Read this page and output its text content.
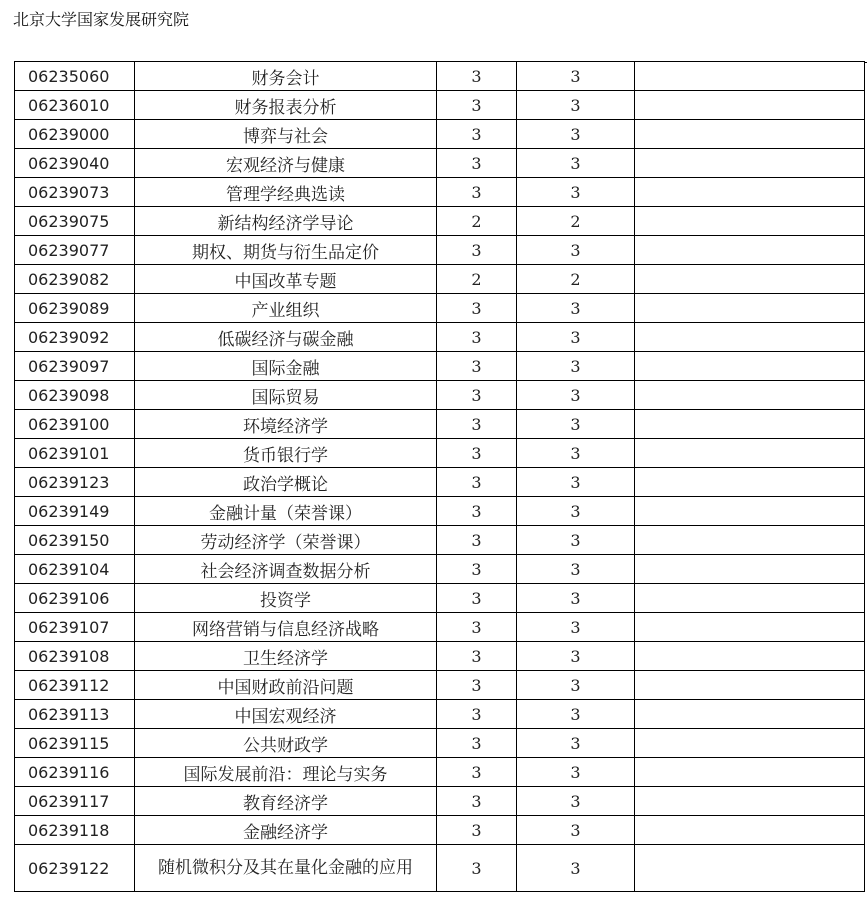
北京大学国家发展研究院
06235060	财务会计	3	3	
06236010	财务报表分析	3	3	
06239000	博弈与社会	3	3	
06239040	宏观经济与健康	3	3	
06239073	管理学经典选读	3	3	
06239075	新结构经济学导论	2	2	
06239077	期权、期货与衍生品定价	3	3	
06239082	中国改革专题	2	2	
06239089	产业组织	3	3	
06239092	低碳经济与碳金融	3	3	
06239097	国际金融	3	3	
06239098	国际贸易	3	3	
06239100	环境经济学	3	3	
06239101	货币银行学	3	3	
06239123	政治学概论	3	3	
06239149	金融计量（荣誉课）	3	3	
06239150	劳动经济学（荣誉课）	3	3	
06239104	社会经济调查数据分析	3	3	
06239106	投资学	3	3	
06239107	网络营销与信息经济战略	3	3	
06239108	卫生经济学	3	3	
06239112	中国财政前沿问题	3	3	
06239113	中国宏观经济	3	3	
06239115	公共财政学	3	3	
06239116	国际发展前沿：理论与实务	3	3	
06239117	教育经济学	3	3	
06239118	金融经济学	3	3	
06239122	随机微积分及其在量化金融的应用	3	3	
